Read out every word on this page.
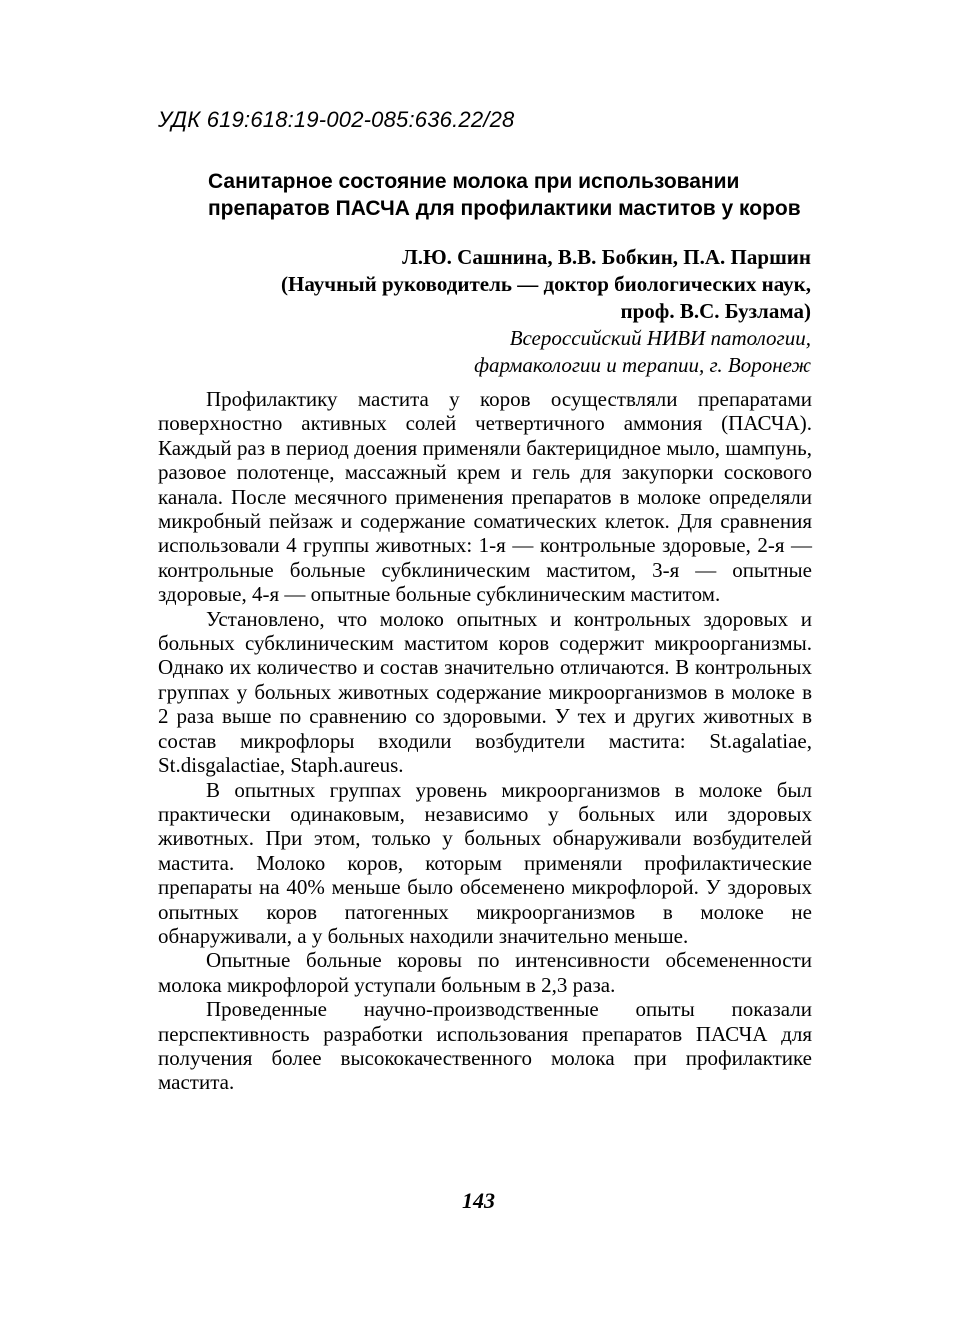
УДК 619:618:19-002-085:636.22/28
Санитарное состояние молока при использовании
препаратов ПАСЧА для профилактики маститов у коров
Л.Ю. Сашнина, В.В. Бобкин, П.А. Паршин
(Научный руководитель — доктор биологических наук,
проф. В.С. Бузлама)
Всероссийский НИВИ патологии,
фармакологии и терапии, г. Воронеж

Профилактику мастита у коров осуществляли препаратами поверхностно активных солей четвертичного аммония (ПАСЧА). Каждый раз в период доения применяли бактерицидное мыло, шампунь, разовое полотенце, массажный крем и гель для закупорки соскового канала. После месячного применения препаратов в молоке определяли микробный пейзаж и содержание соматических клеток. Для сравнения использовали 4 группы животных: 1-я — контрольные здоровые, 2-я — контрольные больные субклиническим маститом, 3-я — опытные здоровые, 4-я — опытные больные субклиническим маститом.

Установлено, что молоко опытных и контрольных здоровых и больных субклиническим маститом коров содержит микроорганизмы. Однако их количество и состав значительно отличаются. В контрольных группах у больных животных содержание микроорганизмов в молоке в 2 раза выше по сравнению со здоровыми. У тех и других животных в состав микрофлоры входили возбудители мастита: St.agalatiae, St.disgalactiae, Staph.aureus.

В опытных группах уровень микроорганизмов в молоке был практически одинаковым, независимо у больных или здоровых животных. При этом, только у больных обнаруживали возбудителей мастита. Молоко коров, которым применяли профилактические препараты на 40% меньше было обсеменено микрофлорой. У здоровых опытных коров патогенных микроорганизмов в молоке не обнаруживали, а у больных находили значительно меньше.

Опытные больные коровы по интенсивности обсемененности молока микрофлорой уступали больным в 2,3 раза.

Проведенные научно-производственные опыты показали перспективность разработки использования препаратов ПАСЧА для получения более высококачественного молока при профилактике мастита.

143
